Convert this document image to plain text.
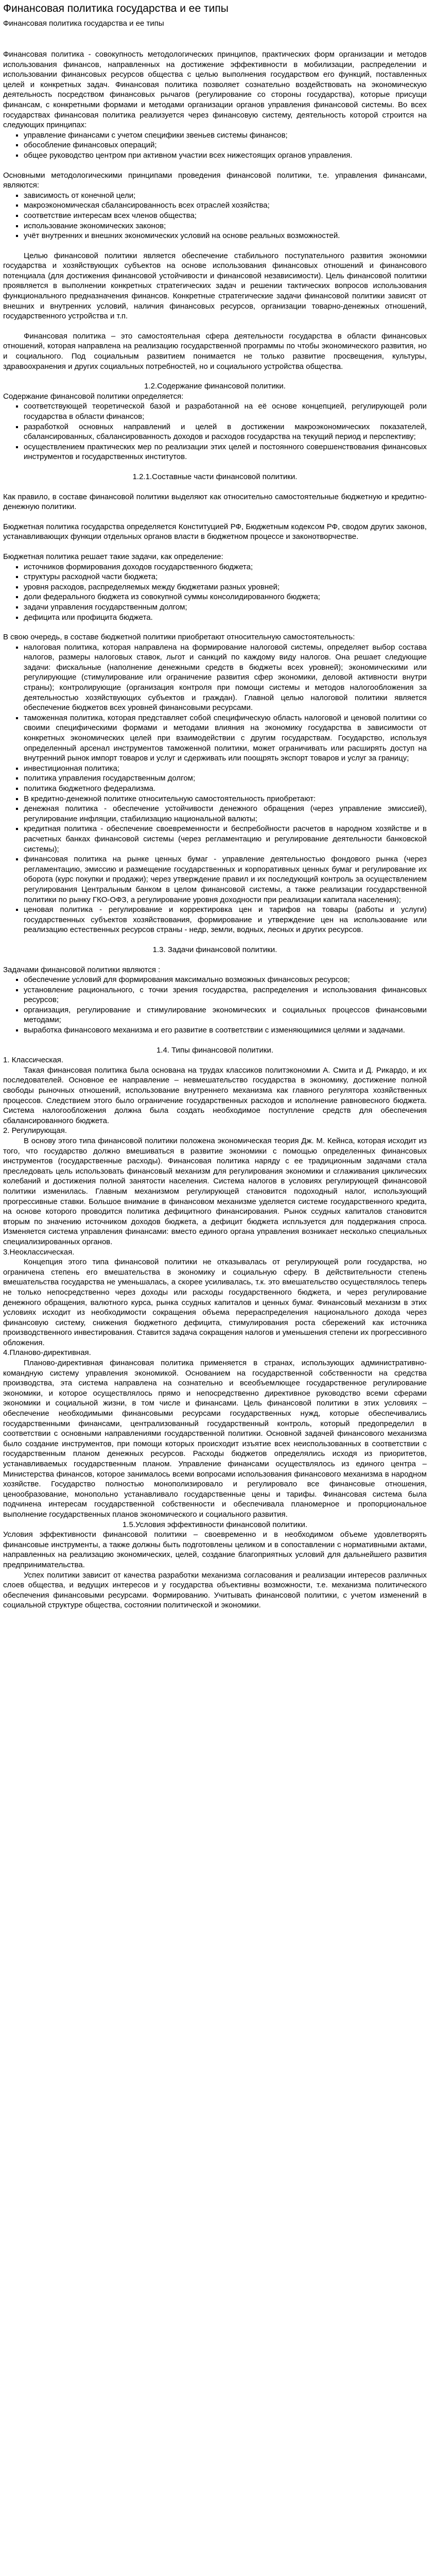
Финансовая политика государства и ее типы
Финансовая политика государства и ее типы

Финансовая политика - совокупность методологических принципов, практических форм организации и методов использования финансов, направленных на достижение эффективности в мобилизации, распределении и использовании финансовых ресурсов общества с целью выполнения государством его функций, поставленных целей и конкретных задач. Финансовая политика позволяет сознательно воздействовать на экономическую деятельность посредством финансовых рычагов (регулирование со стороны государства), которые присущи финансам, с конкретными формами и методами организации органов управления финансовой системы. Во всех государствах финансовая политика реализуется через финансовую систему, деятельность которой строится на следующих принципах:

▪ управление финансами с учетом специфики звеньев системы финансов;
▪ обособление финансовых операций;
▪ общее руководство центром при активном участии всех нижестоящих органов управления.

Основными методологическими принципами проведения финансовой политики, т.е. управления финансами, являются:

▪ зависимость от конечной цели;
▪ макроэкономическая сбалансированность всех отраслей хозяйства;
▪ соответствие интересам всех членов общества;
▪ использование экономических законов;
▪ учёт внутренних и внешних экономических условий на основе реальных возможностей.

Целью финансовой политики является обеспечение стабильного поступательного развития экономики государства и хозяйствующих субъектов на основе использования финансовых отношений и финансового потенциала (для достижения финансовой устойчивости и финансовой независимости). Цель финансовой политики проявляется в выполнении конкретных стратегических задач и решении тактических вопросов использования функционального предназначения финансов. Конкретные стратегические задачи финансовой политики зависят от внешних и внутренних условий, наличия финансовых ресурсов, организации товарно-денежных отношений, государственного устройства и т.п.

Финансовая политика – это самостоятельная сфера деятельности государства в области финансовых отношений, которая направлена на реализацию государственной программы по чтобы экономического развития, но и социального. Под социальным развитием понимается не только развитие просвещения, культуры, здравоохранения и других социальных потребностей, но и социального устройства общества.

1.2.Содержание финансовой политики.

Содержание финансовой политики определяется:

▪ соответствующей теоретической базой и разработанной на её основе концепцией, регулирующей роли государства в области финансов;
▪ разработкой основных направлений и целей в достижении макроэкономических показателей, сбалансированных, сбалансированность доходов и расходов государства на текущий период и перспективу;
▪ осуществлением практических мер по реализации этих целей и постоянного совершенствования финансовых инструментов и государственных институтов.

1.2.1.Составные части финансовой политики.

Как правило, в составе финансовой политики выделяют как относительно самостоятельные бюджетную и кредитно-денежную политики.

Бюджетная политика государства определяется Конституцией РФ, Бюджетным кодексом РФ, сводом других законов, устанавливающих функции отдельных органов власти в бюджетном процессе и законотворчестве.

Бюджетная политика решает такие задачи, как определение:

▪ источников формирования доходов государственного бюджета;
▪ структуры расходной части бюджета;
▪ уровня расходов, распределяемых между бюджетами разных уровней;
▪ доли федерального бюджета из совокупной суммы консолидированного бюджета;
▪ задачи управления государственным долгом;
▪ дефицита или профицита бюджета.

В свою очередь, в составе бюджетной политики приобретают относительную самостоятельность:

▪ налоговая политика, которая направлена на формирование налоговой системы, определяет выбор состава налогов, размеры налоговых ставок, льгот и санкций по каждому виду налогов. Она решает следующие задачи: фискальные (наполнение денежными средств в бюджеты всех уровней); экономическими или регулирующие (стимулирование или ограничение развития сфер экономики, деловой активности внутри страны); контролирующие (организация контроля при помощи системы и методов налогообложения за деятельностью хозяйствующих субъектов и граждан). Главной целью налоговой политики является обеспечение бюджетов всех уровней финансовыми ресурсами.
▪ таможенная политика, которая представляет собой специфическую область налоговой и ценовой политики со своими специфическими формами и методами влияния на экономику государства в зависимости от конкретных экономических целей при взаимодействии с другим государствам. Государство, используя определенный арсенал инструментов таможенной политики, может ограничивать или расширять доступ на внутренний рынок импорт товаров и услуг и сдерживать или поощрять экспорт товаров и услуг за границу;
▪ инвестиционная политика;
▪ политика управления государственным долгом;
▪ политика бюджетного федерализма.
▪ В кредитно-денежной политике относительную самостоятельность приобретают:
▪ денежная политика - обеспечение устойчивости денежного обращения (через управление эмиссией), регулирование инфляции, стабилизацию национальной валюты;
▪ кредитная политика - обеспечение своевременности и беспребойности расчетов в народном хозяйстве и в расчетных банках финансовой системы (через регламентацию и регулирование деятельности банковской системы);
▪ финансовая политика на рынке ценных бумаг - управление деятельностью фондового рынка (через регламентацию, эмиссию и размещение государственных и корпоративных ценных бумаг и регулирование их оборота (курс покупки и продажи); через утверждение правил и их последующий контроль за осуществлением регулирования Центральным банком в целом финансовой системы, а также реализации государственной политики по рынку ГКО-ОФЗ, а регулирование уровня доходности при реализации капитала населения);
▪ ценовая политика - регулирование и корректировка цен и тарифов на товары (работы и услуги) государственных субъектов хозяйствования, формирование и утверждение цен на использование или реализацию естественных ресурсов страны - недр, земли, водных, лесных и других ресурсов.

1.3. Задачи финансовой политики.

Задачами финансовой политики являются :

▪ обеспечение условий для формирования максимально возможных финансовых ресурсов;
▪ установление рационального, с точки зрения государства, распределения и использования финансовых ресурсов;
▪ организация, регулирование и стимулирование экономических и социальных процессов финансовыми методами;
▪ выработка финансового механизма и его развитие в соответствии с изменяющимися целями и задачами.

1.4. Типы финансовой политики.

1. Классическая.

Такая финансовая политика была основана на трудах классиков политэкономии А. Смита и Д. Рикардо, и их последователей. Основное ее направление – невмешательство государства в экономику, достижение полной свободы рыночных отношений, использование внутреннего механизма как главного регулятора хозяйственных процессов. Следствием этого было ограничение государственных расходов и исполнение равновесного бюджета. Система налогообложения должна была создать необходимое поступление средств для обеспечения сбалансированного бюджета.

2. Регулирующая.

В основу этого типа финансовой политики положена экономическая теория Дж. М. Кейнса, которая исходит из того, что государство должно вмешиваться в развитие экономики с помощью определенных финансовых инструментов (государственные расходы). Финансовая политика наряду с ее традиционным задачами стала преследовать цель использовать финансовый механизм для регулирования экономики и сглаживания циклических колебаний и достижения полной занятости населения. Система налогов в условиях регулирующей финансовой политики изменилась. Главным механизмом регулирующей становится подоходный налог, использующий прогрессивные ставки. Большое внимание в финансовом механизме уделяется системе государственного кредита, на основе которого проводится политика дефицитного финансирования. Рынок ссудных капиталов становится вторым по значению источником доходов бюджета, а дефицит бюджета испльзуется для поддержания спроса. Изменяется система управления финансами: вместо единого органа управления возникает несколько специальных специализированных органов.

3.Неоклассическая.

Концепция этого типа финансовой политики не отказывалась от регулирующей роли государства, но ограничена степень его вмешательства в экономику и социальную сферу. В действительности степень вмешательства государства не уменьшалась, а скорее усиливалась, т.к. это вмешательство осуществлялось теперь не только непосредственно через доходы или расходы государственного бюджета, и через регулирование денежного обращения, валютного курса, рынка ссудных капиталов и ценных бумаг. Финансовый механизм в этих условиях исходит из необходимости сокращения объема перераспределения национального дохода через финансовую систему, снижения бюджетного дефицита, стимулирования роста сбережений как источника производственного инвестирования. Ставится задача сокращения налогов и уменьшения степени их прогрессивного обложения.

4.Планово-директивная.

Планово-директивная финансовая политика применяется в странах, использующих административно-командную систему управления экономикой. Основанием на государственной собственности на средства производства, эта система направлена на сознательно и всеобъемлющее государственное регулирование экономики, и которое осуществлялось прямо и непосредственно директивное руководство всеми сферами экономики и социальной жизни, в том числе и финансами. Цель финансовой политики в этих условиях – обеспечение необходимыми финансовыми ресурсами государственных нужд, которые обеспечивались государственными финансами, централизованный государственный контроль, который предопределил в соответствии с основными направлениями государственной политики. Основной задачей финансового механизма было создание инструментов, при помощи которых происходит изъятие всех неиспользованных в соответствии с государственным планом денежных ресурсов. Расходы бюджетов определялись исходя из приоритетов, устанавливаемых государственным планом. Управление финансами осуществлялось из единого центра – Министерства финансов, которое занималось всеми вопросами использования финансового механизма в народном хозяйстве. Государство полностью монополизировало и регулировало все финансовые отношения, ценообразование, монопольно устанавливало государственные цены и тарифы. Финансовая система была подчинена интересам государственной собственности и обеспечивала планомерное и пропорциональное выполнение государственных планов экономического и социального развития.

1.5.Условия эффективности финансовой политики.

Условия эффективности финансовой политики – своевременно и в необходимом объеме удовлетворять финансовые инструменты, а также должны быть подготовлены целиком и в сопоставлении с нормативными актами, направленных на реализацию экономических, целей, создание благоприятных условий для дальнейшего развития предпринимательства.

Успех политики зависит от качества разработки механизма согласования и реализации интересов различных слоев общества, и ведущих интересов и у государства объективны возможности, т.е. механизма политического обеспечения финансовыми ресурсами. Формированию. Учитывать финансовой политики, с учетом изменений в социальной структуре общества, состоянии политической и экономики.
